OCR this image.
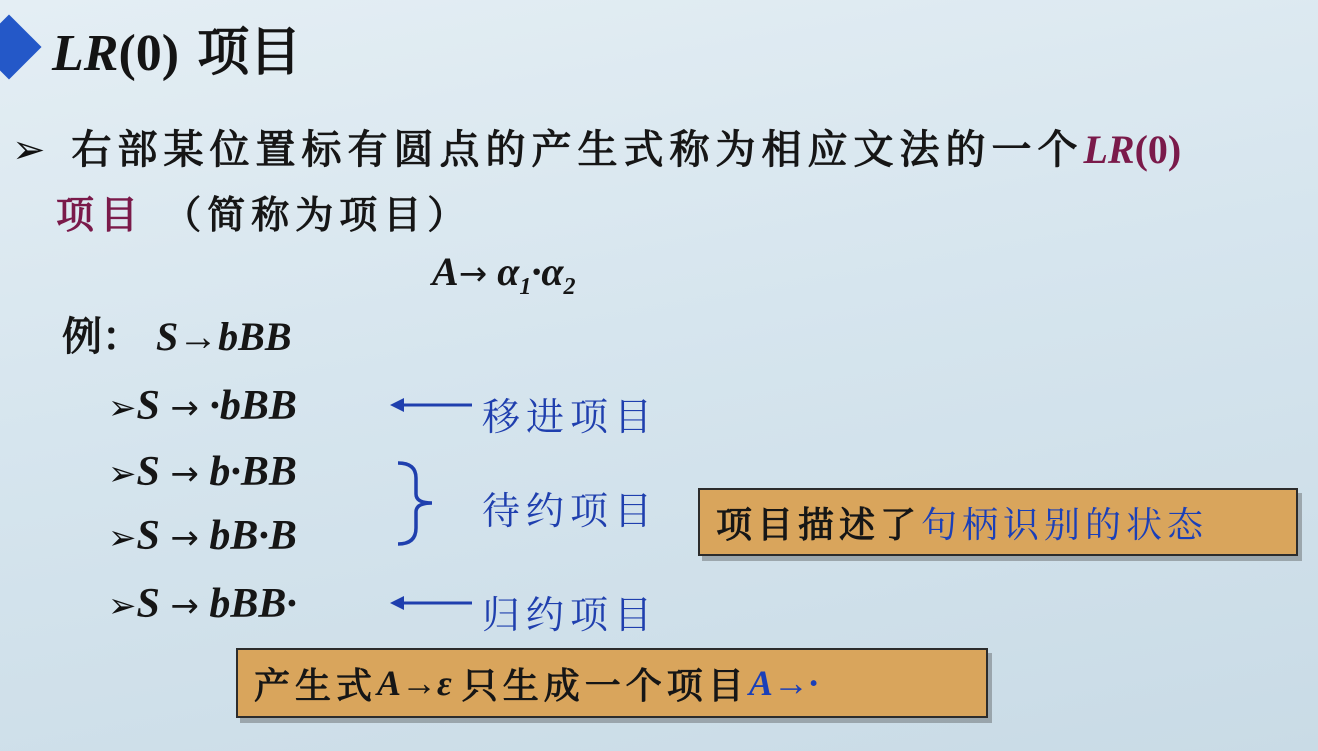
LR(0) 项目
➢ 右部某位置标有圆点的产生式称为相应文法的一个LR(0)
项目 （简称为项目）
$A\to \alpha_1\cdot\alpha_2$
例： S→bBB
➢S → ·bBB
➢S → b·BB
➢S → bB·B
➢S → bBB·
移进项目
待约项目
归约项目
项目描述了 句柄识别的状态
产生式 A→ε 只生成一个项目 A→·
